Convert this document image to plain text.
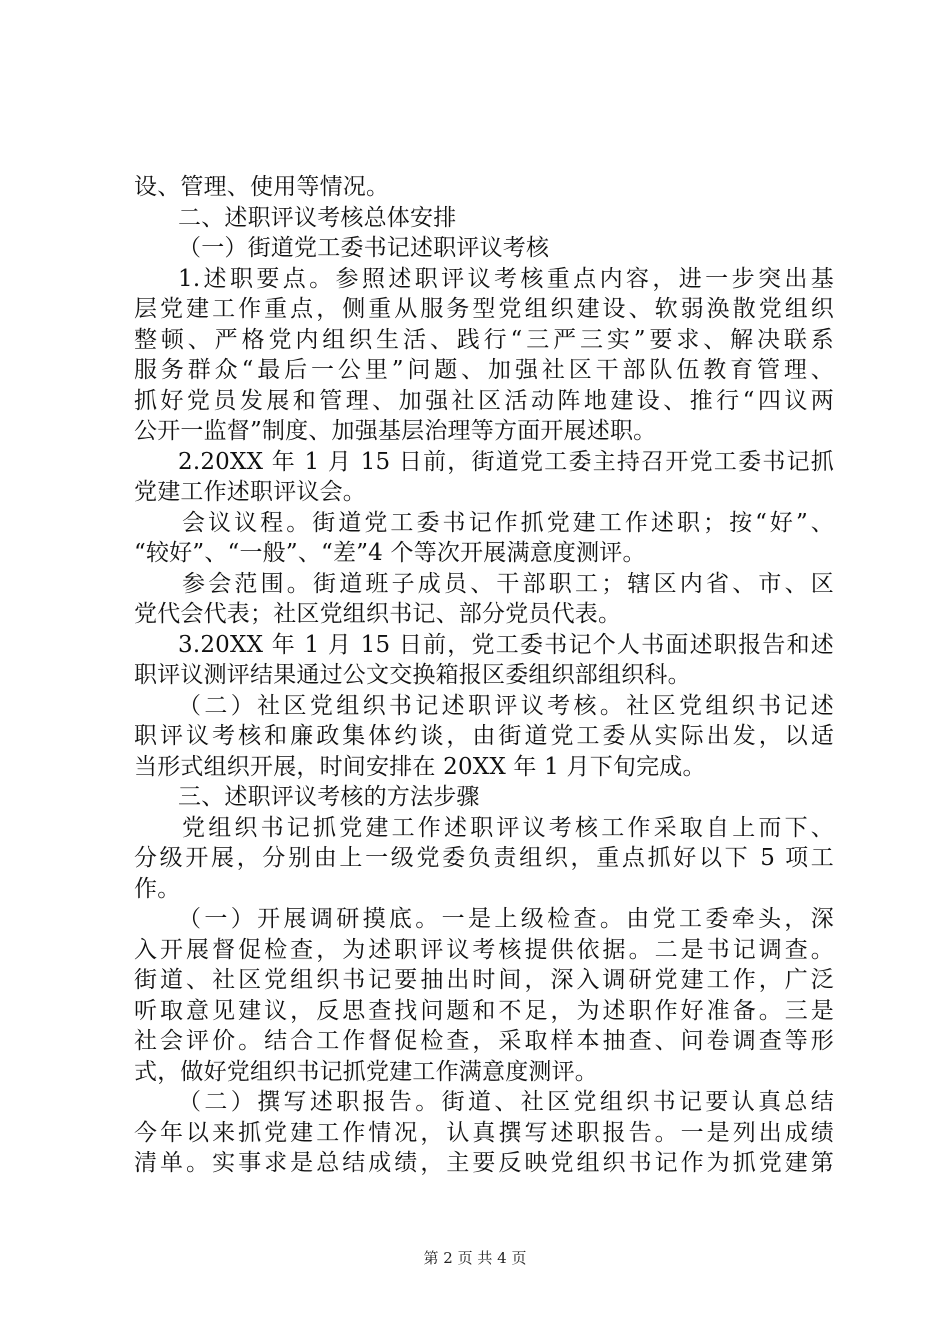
设、管理、使用等情况。
二、述职评议考核总体安排
（一）街道党工委书记述职评议考核
1.述职要点。参照述职评议考核重点内容，进一步突出基
层党建工作重点，侧重从服务型党组织建设、软弱涣散党组织
整顿、严格党内组织生活、践行“三严三实”要求、解决联系
服务群众“最后一公里”问题、加强社区干部队伍教育管理、
抓好党员发展和管理、加强社区活动阵地建设、推行“四议两
公开一监督”制度、加强基层治理等方面开展述职。
2.20XX 年 1 月 15 日前，街道党工委主持召开党工委书记抓
党建工作述职评议会。
会议议程。街道党工委书记作抓党建工作述职；按“好”、
“较好”、“一般”、“差”4 个等次开展满意度测评。
参会范围。街道班子成员、干部职工；辖区内省、市、区
党代会代表；社区党组织书记、部分党员代表。
3.20XX 年 1 月 15 日前，党工委书记个人书面述职报告和述
职评议测评结果通过公文交换箱报区委组织部组织科。
（二）社区党组织书记述职评议考核。社区党组织书记述
职评议考核和廉政集体约谈，由街道党工委从实际出发，以适
当形式组织开展，时间安排在 20XX 年 1 月下旬完成。
三、述职评议考核的方法步骤
党组织书记抓党建工作述职评议考核工作采取自上而下、
分级开展，分别由上一级党委负责组织，重点抓好以下 5 项工
作。
（一）开展调研摸底。一是上级检查。由党工委牵头，深
入开展督促检查，为述职评议考核提供依据。二是书记调查。
街道、社区党组织书记要抽出时间，深入调研党建工作，广泛
听取意见建议，反思查找问题和不足，为述职作好准备。三是
社会评价。结合工作督促检查，采取样本抽查、问卷调查等形
式，做好党组织书记抓党建工作满意度测评。
（二）撰写述职报告。街道、社区党组织书记要认真总结
今年以来抓党建工作情况，认真撰写述职报告。一是列出成绩
清单。实事求是总结成绩，主要反映党组织书记作为抓党建第
第 2 页 共 4 页
